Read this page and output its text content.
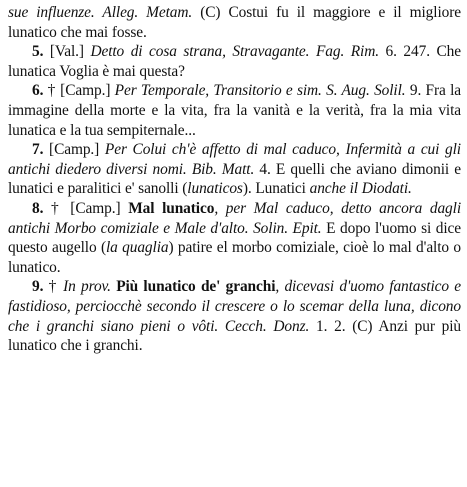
sue influenze. Alleg. Metam. (C) Costui fu il maggiore e il migliore lunatico che mai fosse.

5. [Val.] Detto di cosa strana, Stravagante. Fag. Rim. 6. 247. Che lunatica Voglia è mai questa?

6. † [Camp.] Per Temporale, Transitorio e sim. S. Aug. Solil. 9. Fra la immagine della morte e la vita, fra la vanità e la verità, fra la mia vita lunatica e la tua sempiternale...

7. [Camp.] Per Colui ch'è affetto di mal caduco, Infermità a cui gli antichi diedero diversi nomi. Bib. Matt. 4. E quelli che aviano dimonii e lunatici e paralitici e' sanolli (lunaticos). Lunatici anche il Diodati.

8. † [Camp.] Mal lunatico, per Mal caduco, detto ancora dagli antichi Morbo comiziale e Male d'alto. Solin. Epit. E dopo l'uomo si dice questo augello (la quaglia) patire el morbo comiziale, cioè lo mal d'alto o lunatico.

9. † In prov. Più lunatico de' granchi, dicevasi d'uomo fantastico e fastidioso, perciocchè secondo il crescere o lo scemar della luna, dicono che i granchi siano pieni o vôti. Cecch. Donz. 1. 2. (C) Anzi pur più lunatico che i granchi.
